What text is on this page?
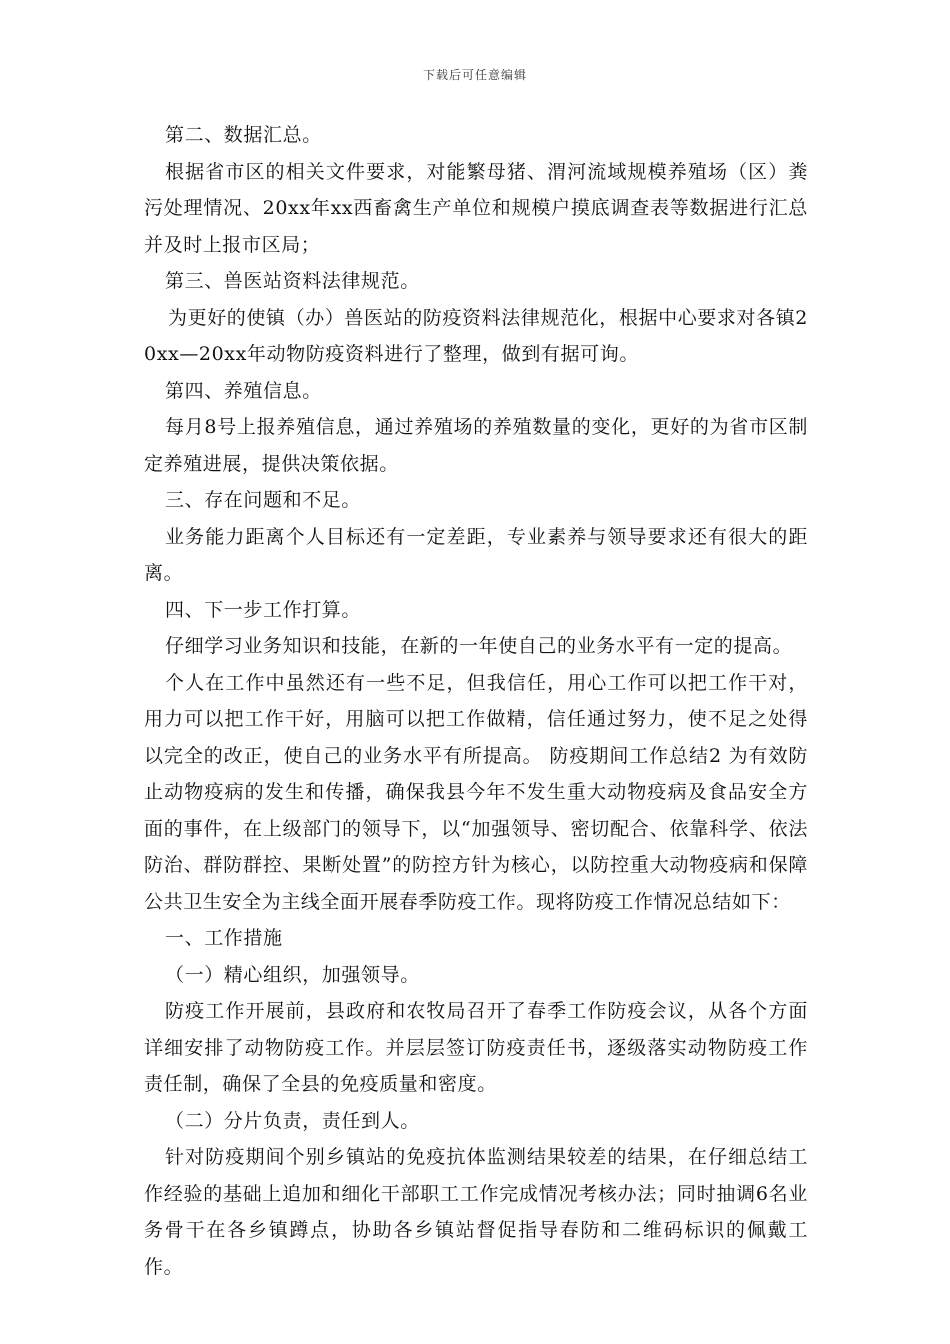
下载后可任意编辑

第二、数据汇总。

根据省市区的相关文件要求，对能繁母猪、渭河流域规模养殖场（区）粪污处理情况、20xx年xx西畜禽生产单位和规模户摸底调查表等数据进行汇总并及时上报市区局；

第三、兽医站资料法律规范。

为更好的使镇（办）兽医站的防疫资料法律规范化，根据中心要求对各镇20xx—20xx年动物防疫资料进行了整理，做到有据可询。

第四、养殖信息。

每月8号上报养殖信息，通过养殖场的养殖数量的变化，更好的为省市区制定养殖进展，提供决策依据。

三、存在问题和不足。

业务能力距离个人目标还有一定差距，专业素养与领导要求还有很大的距离。

四、下一步工作打算。

仔细学习业务知识和技能，在新的一年使自己的业务水平有一定的提高。

个人在工作中虽然还有一些不足，但我信任，用心工作可以把工作干对，用力可以把工作干好，用脑可以把工作做精，信任通过努力，使不足之处得以完全的改正，使自己的业务水平有所提高。 防疫期间工作总结2 为有效防止动物疫病的发生和传播，确保我县今年不发生重大动物疫病及食品安全方面的事件，在上级部门的领导下，以“加强领导、密切配合、依靠科学、依法防治、群防群控、果断处置”的防控方针为核心，以防控重大动物疫病和保障公共卫生安全为主线全面开展春季防疫工作。现将防疫工作情况总结如下：

一、工作措施

（一）精心组织，加强领导。

防疫工作开展前，县政府和农牧局召开了春季工作防疫会议，从各个方面详细安排了动物防疫工作。并层层签订防疫责任书，逐级落实动物防疫工作责任制，确保了全县的免疫质量和密度。

（二）分片负责，责任到人。

针对防疫期间个别乡镇站的免疫抗体监测结果较差的结果，在仔细总结工作经验的基础上追加和细化干部职工工作完成情况考核办法；同时抽调6名业务骨干在各乡镇蹲点，协助各乡镇站督促指导春防和二维码标识的佩戴工作。
